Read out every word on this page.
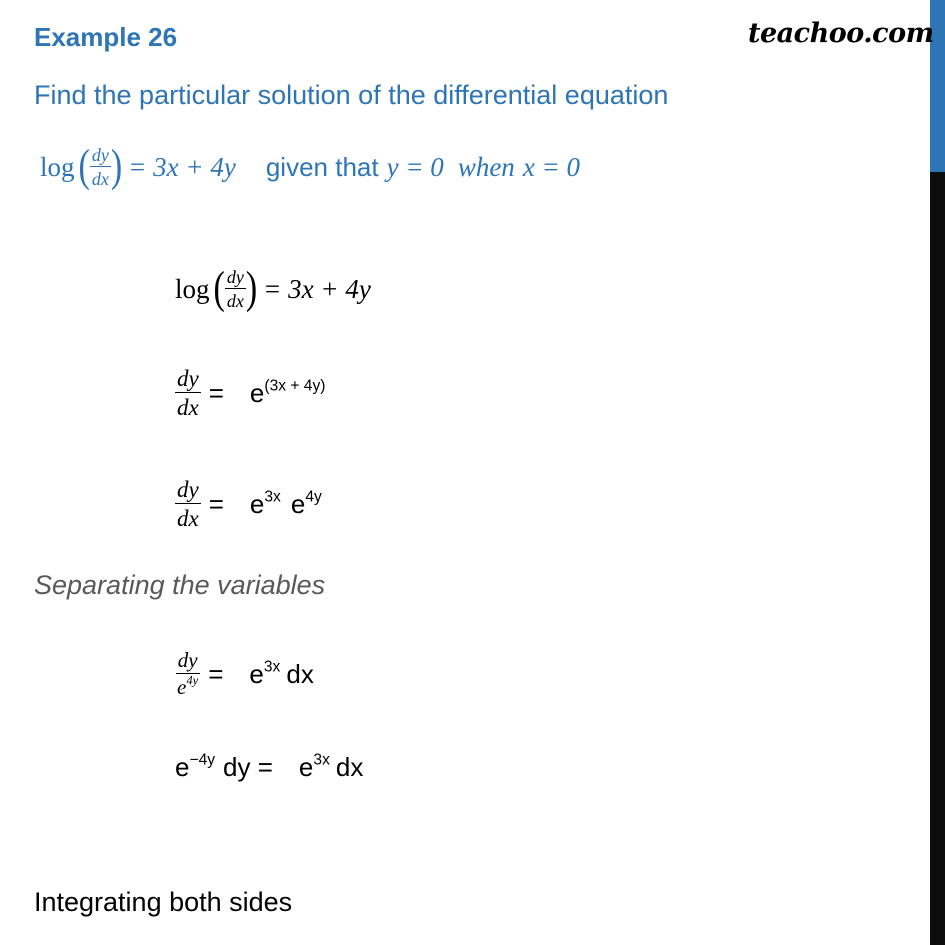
Example 26	teachoo.com
Find the particular solution of the differential equation
log ( $\frac{dy}{dx}$ ) = 3x + 4y given that y = 0 when x = 0
log ( $\frac{dy}{dx}$ ) = 3x + 4y
$\frac{dy}{dx} = e^{(3x + 4y)}$
$\frac{dy}{dx} = e^{3x}$ $e^{4y}$
Separating the variables
$\frac{dy}{e^{4y}} = e^{3x}$ dx
$e^{-4y}$ dy = $e^{3x}$ dx
Integrating both sides
